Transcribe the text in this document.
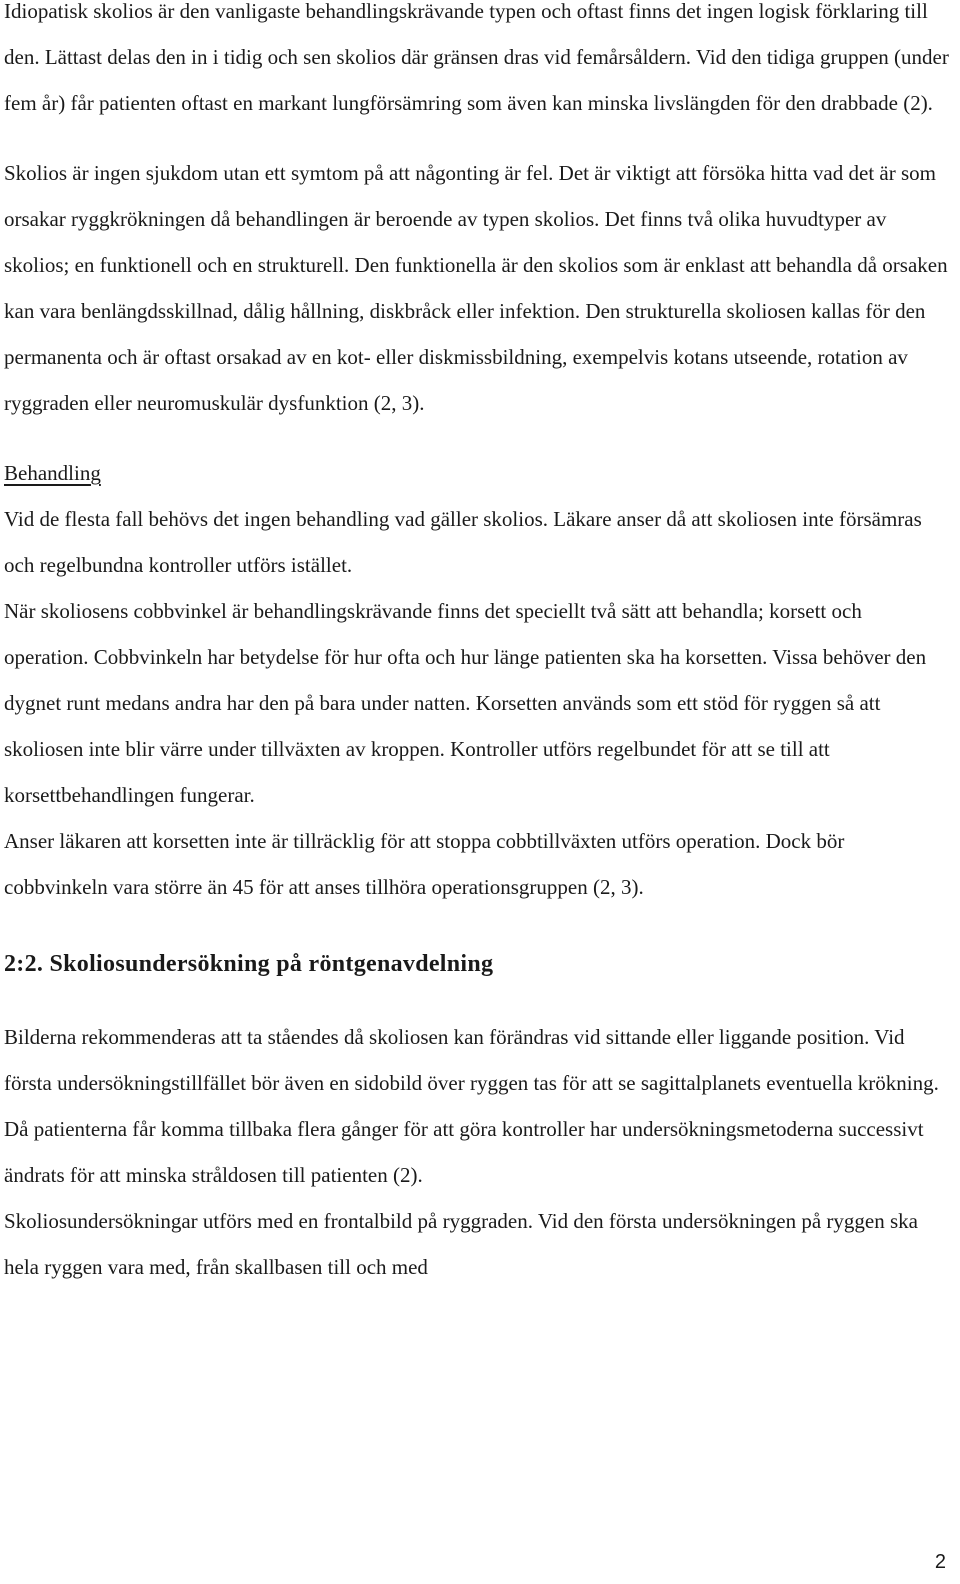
Idiopatisk skolios är den vanligaste behandlingskrävande typen och oftast finns det ingen logisk förklaring till den. Lättast delas den in i tidig och sen skolios där gränsen dras vid femårsåldern. Vid den tidiga gruppen (under fem år) får patienten oftast en markant lungförsämring som även kan minska livslängden för den drabbade (2).

Skolios är ingen sjukdom utan ett symtom på att någonting är fel. Det är viktigt att försöka hitta vad det är som orsakar ryggkrökningen då behandlingen är beroende av typen skolios. Det finns två olika huvudtyper av skolios; en funktionell och en strukturell. Den funktionella är den skolios som är enklast att behandla då orsaken kan vara benlängdsskillnad, dålig hållning, diskbråck eller infektion. Den strukturella skoliosen kallas för den permanenta och är oftast orsakad av en kot- eller diskmissbildning, exempelvis kotans utseende, rotation av ryggraden eller neuromuskulär dysfunktion (2, 3).

Behandling

Vid de flesta fall behövs det ingen behandling vad gäller skolios. Läkare anser då att skoliosen inte försämras och regelbundna kontroller utförs istället.

När skoliosens cobbvinkel är behandlingskrävande finns det speciellt två sätt att behandla; korsett och operation. Cobbvinkeln har betydelse för hur ofta och hur länge patienten ska ha korsetten. Vissa behöver den dygnet runt medans andra har den på bara under natten. Korsetten används som ett stöd för ryggen så att skoliosen inte blir värre under tillväxten av kroppen. Kontroller utförs regelbundet för att se till att korsettbehandlingen fungerar.

Anser läkaren att korsetten inte är tillräcklig för att stoppa cobbtillväxten utförs operation. Dock bör cobbvinkeln vara större än 45 för att anses tillhöra operationsgruppen (2, 3).

2:2. Skoliosundersökning på röntgenavdelning

Bilderna rekommenderas att ta ståendes då skoliosen kan förändras vid sittande eller liggande position. Vid första undersökningstillfället bör även en sidobild över ryggen tas för att se sagittalplanets eventuella krökning. Då patienterna får komma tillbaka flera gånger för att göra kontroller har undersökningsmetoderna successivt ändrats för att minska stråldosen till patienten (2).

Skoliosundersökningar utförs med en frontalbild på ryggraden. Vid den första undersökningen på ryggen ska hela ryggen vara med, från skallbasen till och med

2
